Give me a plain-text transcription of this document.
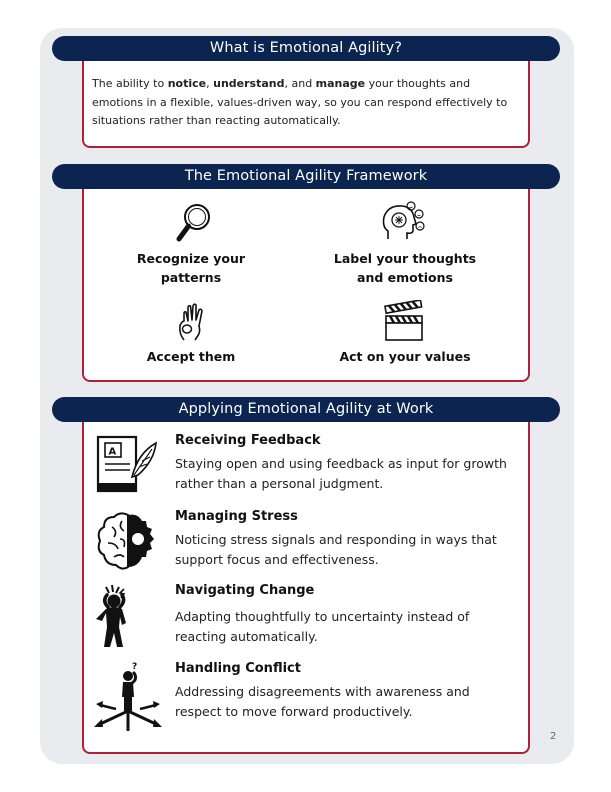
What is Emotional Agility?
The ability to notice, understand, and manage your thoughts and emotions in a flexible, values-driven way, so you can respond effectively to situations rather than reacting automatically.
The Emotional Agility Framework
Recognize your
patterns
Label your thoughts
and emotions
Accept them	Act on your values
Applying Emotional Agility at Work
A
Receiving Feedback
Staying open and using feedback as input for growth rather than a personal judgment.
Managing Stress
Noticing stress signals and responding in ways that support focus and effectiveness.
Navigating Change
Adapting thoughtfully to uncertainty instead of reacting automatically.
?	Handling Conflict
Addressing disagreements with awareness and respect to move forward productively.
2
